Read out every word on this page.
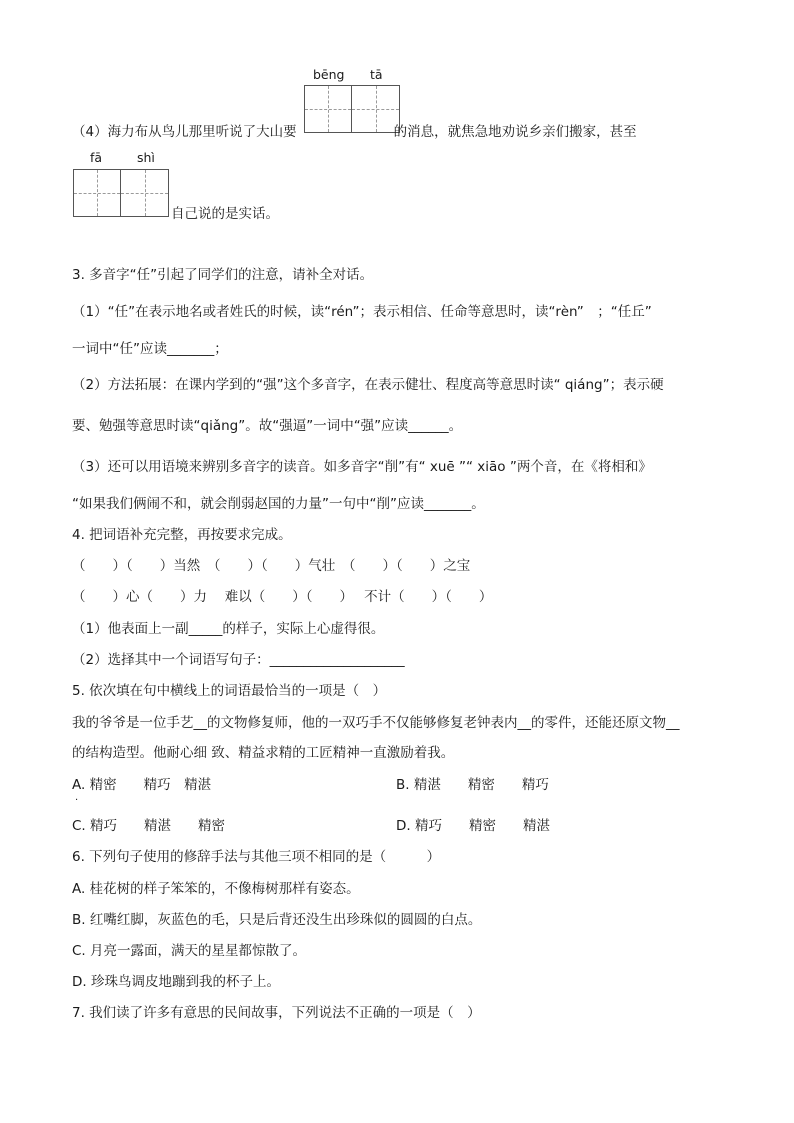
bēng tā
（4）海力布从鸟儿那里听说了大山要	的消息，就焦急地劝说乡亲们搬家，甚至
fā	shì
自己说的是实话。
3. 多音字“任”引起了同学们的注意，请补全对话。
（1）“任”在表示地名或者姓氏的时候，读“rén”；表示相信、任命等意思时，读“rèn”　；“任丘”
一词中“任”应读_______；
（2）方法拓展：在课内学到的“强”这个多音字，在表示健壮、程度高等意思时读“ qiáng”；表示硬
要、勉强等意思时读“qiǎng”。故“强逼”一词中“强”应读______。
（3）还可以用语境来辨别多音字的读音。如多音字“削”有“ xuē ”“ xiāo ”两个音，在《将相和》
“如果我们俩闹不和，就会削弱赵国的力量”一句中“削”应读_______。
4. 把词语补充完整，再按要求完成。
（　　）（　　）当然　（　　）（　　）气壮　（　　）（　　）之宝
（　　）心（　　）力　 难以（　　）（　　）　 不计（　　）（　　）
（1）他表面上一副_____的样子，实际上心虚得很。
（2）选择其中一个词语写句子：____________________
5. 依次填在句中横线上的词语最恰当的一项是（　）
我的爷爷是一位手艺__的文物修复师，他的一双巧手不仅能够修复老钟表内__的零件，还能还原文物__
的结构造型。他耐心细 致、精益求精的工匠精神一直激励着我。
A. 精密　　精巧　精湛
.
B. 精湛　　精密　　精巧
C. 精巧　　精湛　　精密	D. 精巧　　精密　　精湛
6. 下列句子使用的修辞手法与其他三项不相同的是（　　　）
A. 桂花树的样子笨笨的，不像梅树那样有姿态。
B. 红嘴红脚，灰蓝色的毛，只是后背还没生出珍珠似的圆圆的白点。
C. 月亮一露面，满天的星星都惊散了。
D. 珍珠鸟调皮地蹦到我的杯子上。
7. 我们读了许多有意思的民间故事，下列说法不正确的一项是（　）
